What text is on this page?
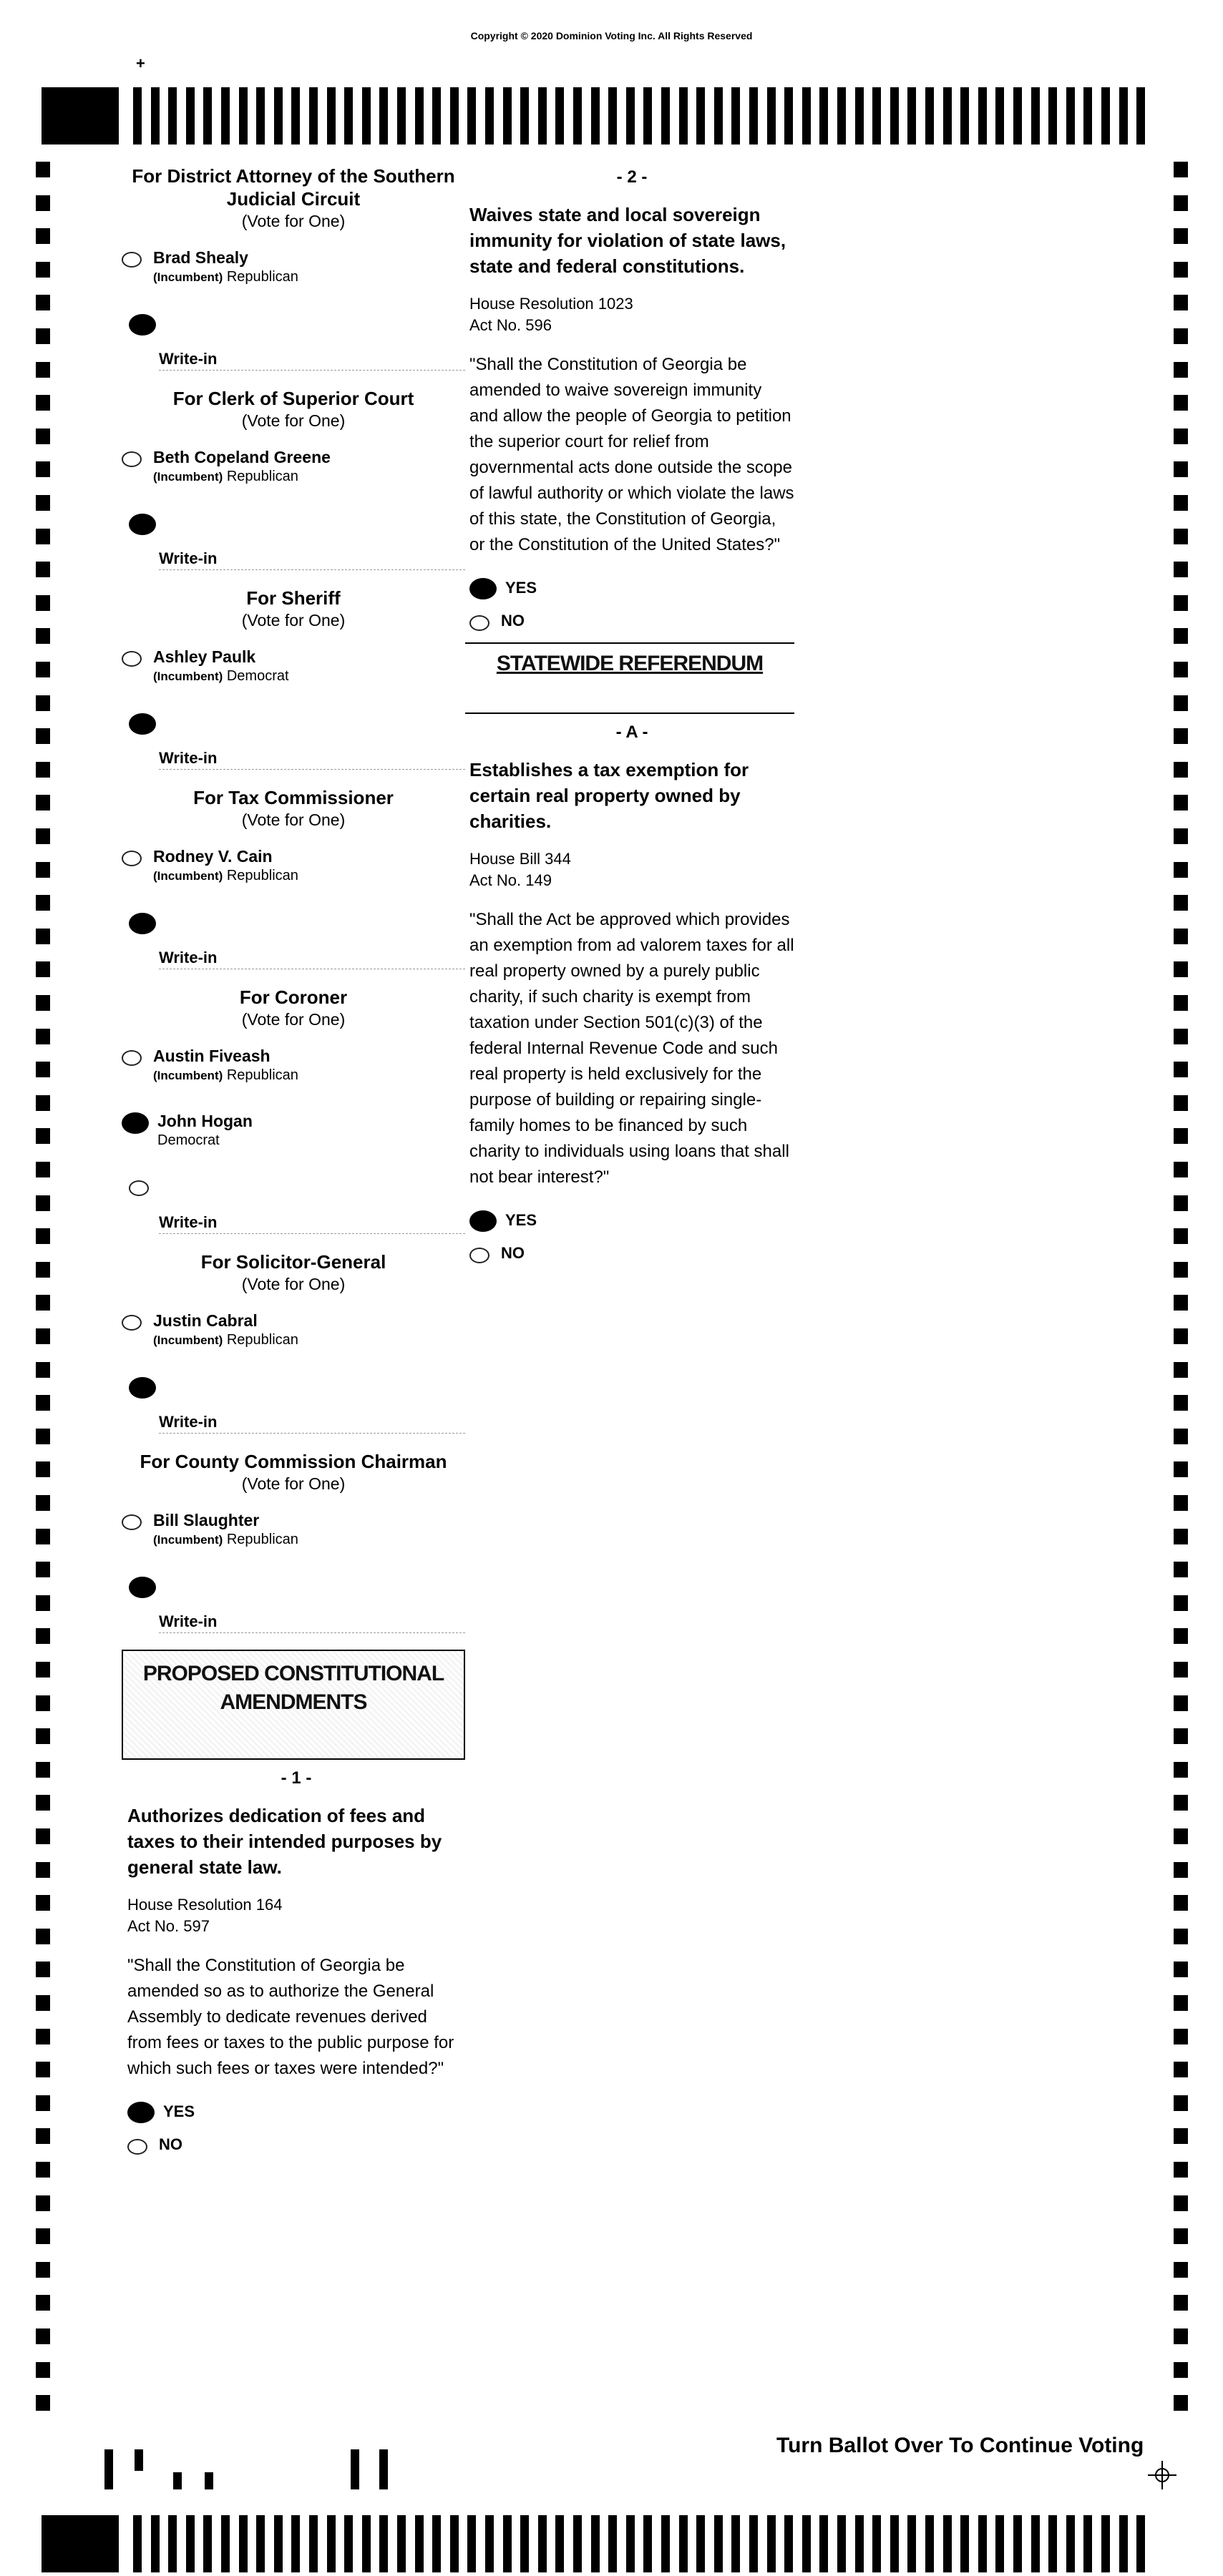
Copyright © 2020 Dominion Voting Inc. All Rights Reserved
+
For District Attorney of the Southern Judicial Circuit
(Vote for One)
Brad Shealy
(Incumbent) Republican
Write-in
For Clerk of Superior Court
(Vote for One)
Beth Copeland Greene
(Incumbent) Republican
Write-in
For Sheriff
(Vote for One)
Ashley Paulk
(Incumbent) Democrat
Write-in
For Tax Commissioner
(Vote for One)
Rodney V. Cain
(Incumbent) Republican
Write-in
For Coroner
(Vote for One)
Austin Fiveash
(Incumbent) Republican
John Hogan
Democrat
Write-in
For Solicitor-General
(Vote for One)
Justin Cabral
(Incumbent) Republican
Write-in
For County Commission Chairman
(Vote for One)
Bill Slaughter
(Incumbent) Republican
Write-in
PROPOSED CONSTITUTIONAL AMENDMENTS
- 1 -
Authorizes dedication of fees and taxes to their intended purposes by general state law.
House Resolution 164
Act No. 597
"Shall the Constitution of Georgia be amended so as to authorize the General Assembly to dedicate revenues derived from fees or taxes to the public purpose for which such fees or taxes were intended?"
YES
NO
- 2 -
Waives state and local sovereign immunity for violation of state laws, state and federal constitutions.
House Resolution 1023
Act No. 596
"Shall the Constitution of Georgia be amended to waive sovereign immunity and allow the people of Georgia to petition the superior court for relief from governmental acts done outside the scope of lawful authority or which violate the laws of this state, the Constitution of Georgia, or the Constitution of the United States?"
YES
NO
STATEWIDE REFERENDUM
- A -
Establishes a tax exemption for certain real property owned by charities.
House Bill 344
Act No. 149
"Shall the Act be approved which provides an exemption from ad valorem taxes for all real property owned by a purely public charity, if such charity is exempt from taxation under Section 501(c)(3) of the federal Internal Revenue Code and such real property is held exclusively for the purpose of building or repairing single-family homes to be financed by such charity to individuals using loans that shall not bear interest?"
YES
NO
Turn Ballot Over To Continue Voting
